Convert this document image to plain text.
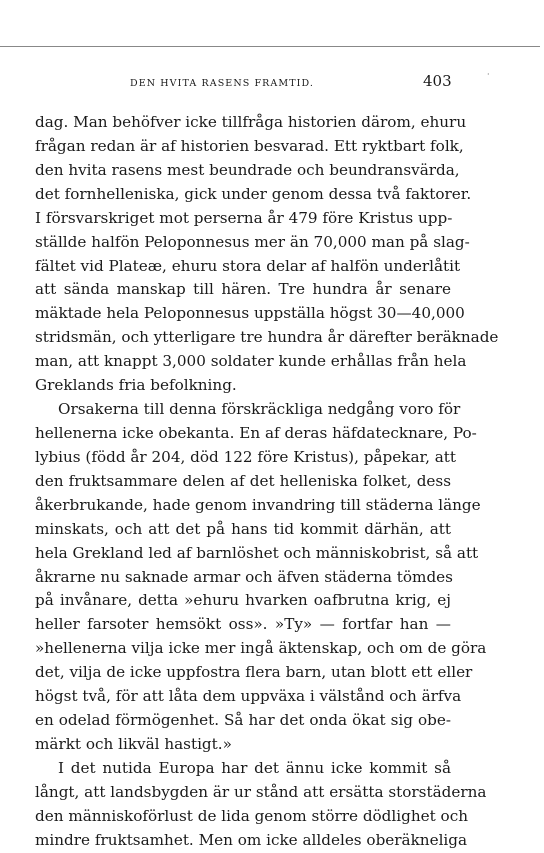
DEN HVITA RASENS FRAMTID.	403	·
dag. Man behöfver icke tillfråga historien därom, ehuru
frågan redan är af historien besvarad. Ett ryktbart folk,
den hvita rasens mest beundrade och beundransvärda,
det fornhelleniska, gick under genom dessa två faktorer.
I försvarskriget mot perserna år 479 före Kristus upp-
ställde halfön Peloponnesus mer än 70,000 man på slag-
fältet vid Plateæ, ehuru stora delar af halfön underlåtit
att sända manskap till hären. Tre hundra år senare
mäktade hela Peloponnesus uppställa högst 30—40,000
stridsmän, och ytterligare tre hundra år därefter beräknade
man, att knappt 3,000 soldater kunde erhållas från hela
Greklands fria befolkning.
Orsakerna till denna förskräckliga nedgång voro för
hellenerna icke obekanta. En af deras häfdatecknare, Po-
lybius (född år 204, död 122 före Kristus), påpekar, att
den fruktsammare delen af det helleniska folket, dess
åkerbrukande, hade genom invandring till städerna länge
minskats, och att det på hans tid kommit därhän, att
hela Grekland led af barnlöshet och människobrist, så att
åkrarne nu saknade armar och äfven städerna tömdes
på invånare, detta »ehuru hvarken oafbrutna krig, ej
heller farsoter hemsökt oss». »Ty» — fortfar han —
»hellenerna vilja icke mer ingå äktenskap, och om de göra
det, vilja de icke uppfostra flera barn, utan blott ett eller
högst två, för att låta dem uppväxa i välstånd och ärfva
en odelad förmögenhet. Så har det onda ökat sig obe-
märkt och likväl hastigt.»
I det nutida Europa har det ännu icke kommit så
långt, att landsbygden är ur stånd att ersätta storstäderna
den människoförlust de lida genom större dödlighet och
mindre fruktsamhet. Men om icke alldeles oberäkneliga
